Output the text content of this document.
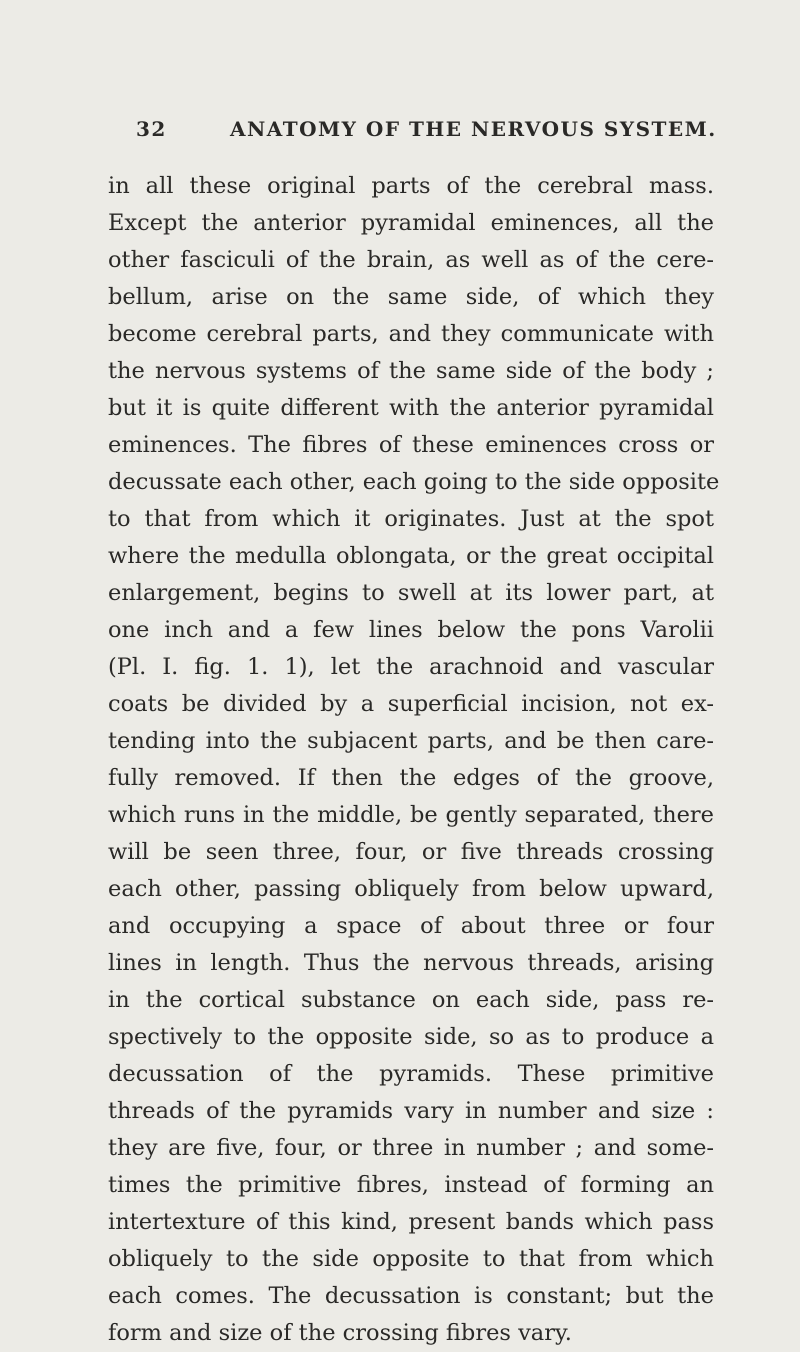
32	ANATOMY OF THE NERVOUS SYSTEM.
in all these original parts of the cerebral mass.
Except the anterior pyramidal eminences, all the
other fasciculi of the brain, as well as of the cere-
bellum, arise on the same side, of which they
become cerebral parts, and they communicate with
the nervous systems of the same side of the body ;
but it is quite different with the anterior pyramidal
eminences. The fibres of these eminences cross or
decussate each other, each going to the side opposite
to that from which it originates. Just at the spot
where the medulla oblongata, or the great occipital
enlargement, begins to swell at its lower part, at
one inch and a few lines below the pons Varolii
(Pl. I. fig. 1. 1), let the arachnoid and vascular
coats be divided by a superficial incision, not ex-
tending into the subjacent parts, and be then care-
fully removed. If then the edges of the groove,
which runs in the middle, be gently separated, there
will be seen three, four, or five threads crossing
each other, passing obliquely from below upward,
and occupying a space of about three or four
lines in length. Thus the nervous threads, arising
in the cortical substance on each side, pass re-
spectively to the opposite side, so as to produce a
decussation of the pyramids. These primitive
threads of the pyramids vary in number and size :
they are five, four, or three in number ; and some-
times the primitive fibres, instead of forming an
intertexture of this kind, present bands which pass
obliquely to the side opposite to that from which
each comes. The decussation is constant; but the
form and size of the crossing fibres vary.
